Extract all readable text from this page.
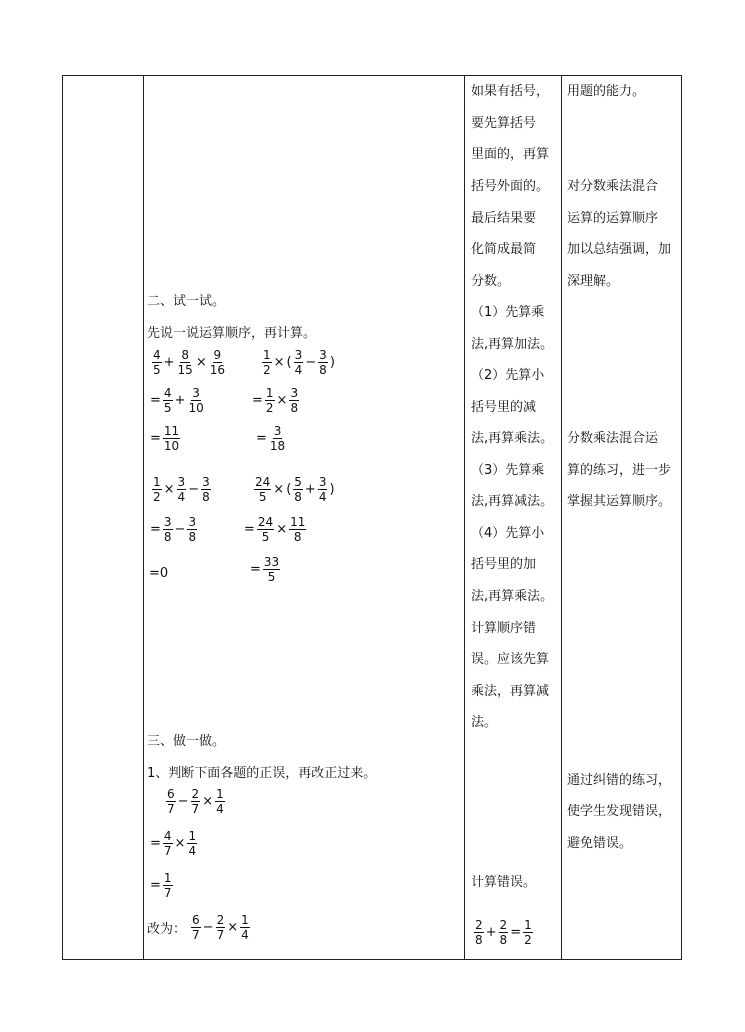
二、试一试。
先说一说运算顺序，再计算。
$\frac{4}{5} + \frac{8}{15} \times \frac{9}{16}$
= $\frac{4}{5} + \frac{3}{10}$
= $\frac{11}{10}$
$\frac{1}{2}$ × ( $\frac{3}{4} - \frac{3}{8}$ )
= $\frac{1}{2} \times \frac{3}{8}$
= $\frac{3}{18}$
$\frac{1}{2} \times \frac{3}{4} - \frac{3}{8}$
= $\frac{3}{8} - \frac{3}{8}$
=0
$\frac{24}{5}$ × ( $\frac{5}{8} + \frac{3}{4}$ )
= $\frac{24}{5} \times \frac{11}{8}$
= $\frac{33}{5}$
三、做一做。
1、判断下面各题的正误，再改正过来。
$\frac{6}{7} - \frac{2}{7} \times \frac{1}{4}$
= $\frac{4}{7} \times \frac{1}{4}$
= $\frac{1}{7}$
改为： $\frac{6}{7} - \frac{2}{7} \times \frac{1}{4}$
如果有括号，
要先算括号
里面的，再算
括号外面的。
最后结果要
化简成最简
分数。
（1）先算乘
法,再算加法。
（2）先算小
括号里的减
法,再算乘法。
（3）先算乘
法,再算减法。
（4）先算小
括号里的加
法,再算乘法。
计算顺序错
误。应该先算
乘法，再算减
法。
计算错误。
$\frac{2}{8} + \frac{2}{8} = \frac{1}{2}$
用题的能力。
对分数乘法混合
运算的运算顺序
加以总结强调，加
深理解。
分数乘法混合运
算的练习，进一步
掌握其运算顺序。
通过纠错的练习，
使学生发现错误，
避免错误。
